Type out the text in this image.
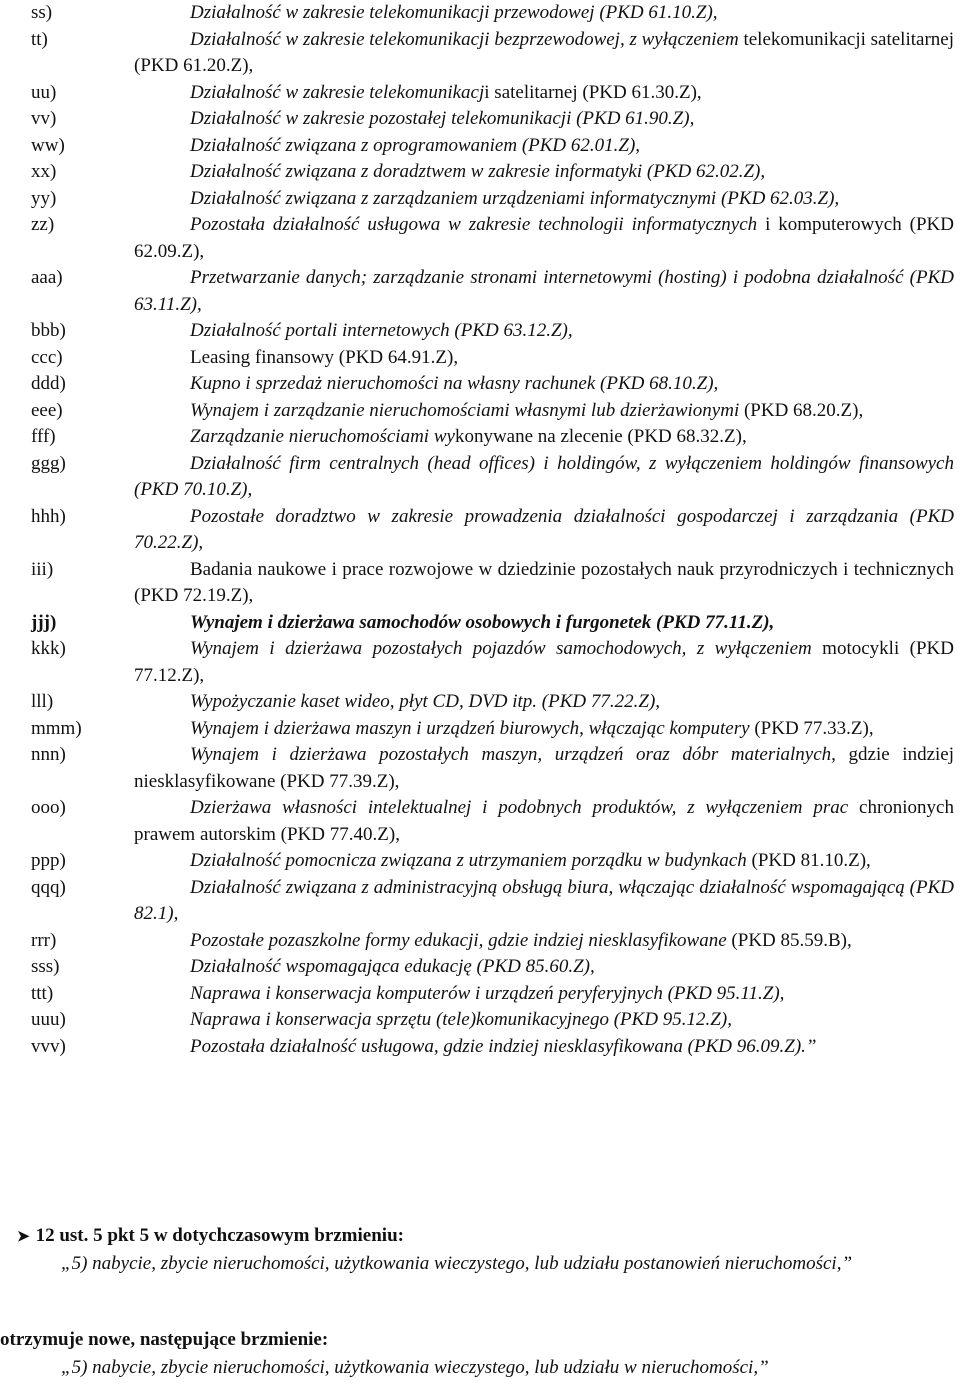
ss)	Działalność w zakresie telekomunikacji przewodowej (PKD 61.10.Z),
tt)	Działalność w zakresie telekomunikacji bezprzewodowej, z wyłączeniem telekomunikacji satelitarnej (PKD 61.20.Z),
uu)	Działalność w zakresie telekomunikacji satelitarnej (PKD 61.30.Z),
vv)	Działalność w zakresie pozostałej telekomunikacji (PKD 61.90.Z),
ww)	Działalność związana z oprogramowaniem (PKD 62.01.Z),
xx)	Działalność związana z doradztwem w zakresie informatyki (PKD 62.02.Z),
yy)	Działalność związana z zarządzaniem urządzeniami informatycznymi (PKD 62.03.Z),
zz)	Pozostała działalność usługowa w zakresie technologii informatycznych i komputerowych (PKD 62.09.Z),
aaa)	Przetwarzanie danych; zarządzanie stronami internetowymi (hosting) i podobna działalność (PKD 63.11.Z),
bbb)	Działalność portali internetowych (PKD 63.12.Z),
ccc)	Leasing finansowy (PKD 64.91.Z),
ddd)	Kupno i sprzedaż nieruchomości na własny rachunek (PKD 68.10.Z),
eee)	Wynajem i zarządzanie nieruchomościami własnymi lub dzierżawionymi (PKD 68.20.Z),
fff)	Zarządzanie nieruchomościami wykonywane na zlecenie (PKD 68.32.Z),
ggg)	Działalność firm centralnych (head offices) i holdingów, z wyłączeniem holdingów finansowych (PKD 70.10.Z),
hhh)	Pozostałe doradztwo w zakresie prowadzenia działalności gospodarczej i zarządzania (PKD 70.22.Z),
iii)	Badania naukowe i prace rozwojowe w dziedzinie pozostałych nauk przyrodniczych i technicznych (PKD 72.19.Z),
jjj)	Wynajem i dzierżawa samochodów osobowych i furgonetek (PKD 77.11.Z),
kkk)	Wynajem i dzierżawa pozostałych pojazdów samochodowych, z wyłączeniem motocykli (PKD 77.12.Z),
lll)	Wypożyczanie kaset wideo, płyt CD, DVD itp. (PKD 77.22.Z),
mmm)	Wynajem i dzierżawa maszyn i urządzeń biurowych, włączając komputery (PKD 77.33.Z),
nnn)	Wynajem i dzierżawa pozostałych maszyn, urządzeń oraz dóbr materialnych, gdzie indziej niesklasyfikowane (PKD 77.39.Z),
ooo)	Dzierżawa własności intelektualnej i podobnych produktów, z wyłączeniem prac chronionych prawem autorskim (PKD 77.40.Z),
ppp)	Działalność pomocnicza związana z utrzymaniem porządku w budynkach (PKD 81.10.Z),
qqq)	Działalność związana z administracyjną obsługą biura, włączając działalność wspomagającą (PKD 82.1),
rrr)	Pozostałe pozaszkolne formy edukacji, gdzie indziej niesklasyfikowane (PKD 85.59.B),
sss)	Działalność wspomagająca edukację (PKD 85.60.Z),
ttt)	Naprawa i konserwacja komputerów i urządzeń peryferyjnych (PKD 95.11.Z),
uuu)	Naprawa i konserwacja sprzętu (tele)komunikacyjnego (PKD 95.12.Z),
vvv)	Pozostała działalność usługowa, gdzie indziej niesklasyfikowana (PKD 96.09.Z).”
➤ 12 ust. 5 pkt 5 w dotychczasowym brzmieniu:
„5) nabycie, zbycie nieruchomości, użytkowania wieczystego, lub udziału postanowień nieruchomości,”
otrzymuje nowe, następujące brzmienie:
„5) nabycie, zbycie nieruchomości, użytkowania wieczystego, lub udziału w nieruchomości,”
